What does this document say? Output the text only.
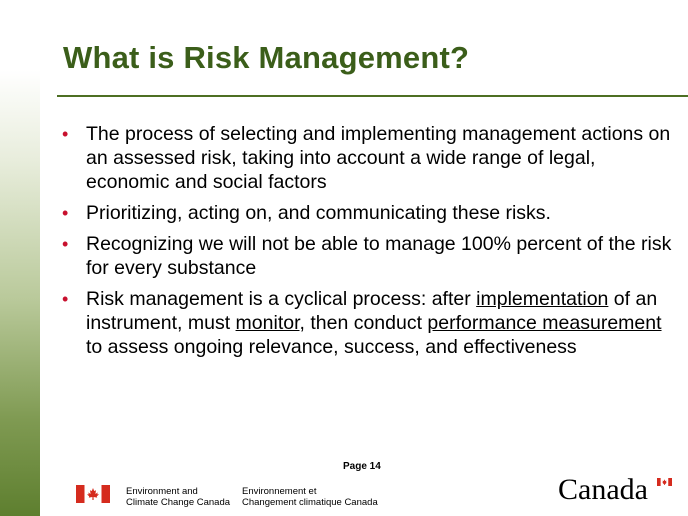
What is Risk Management?
• The process of selecting and implementing management actions on an assessed risk, taking into account a wide range of legal, economic and social factors
• Prioritizing, acting on, and communicating these risks.
• Recognizing we will not be able to manage 100% percent of the risk for every substance
• Risk management is a cyclical process: after implementation of an instrument, must monitor, then conduct performance measurement to assess ongoing relevance, success, and effectiveness
Page 14
Environment and
Climate Change Canada
Environnement et
Changement climatique Canada	Canada
